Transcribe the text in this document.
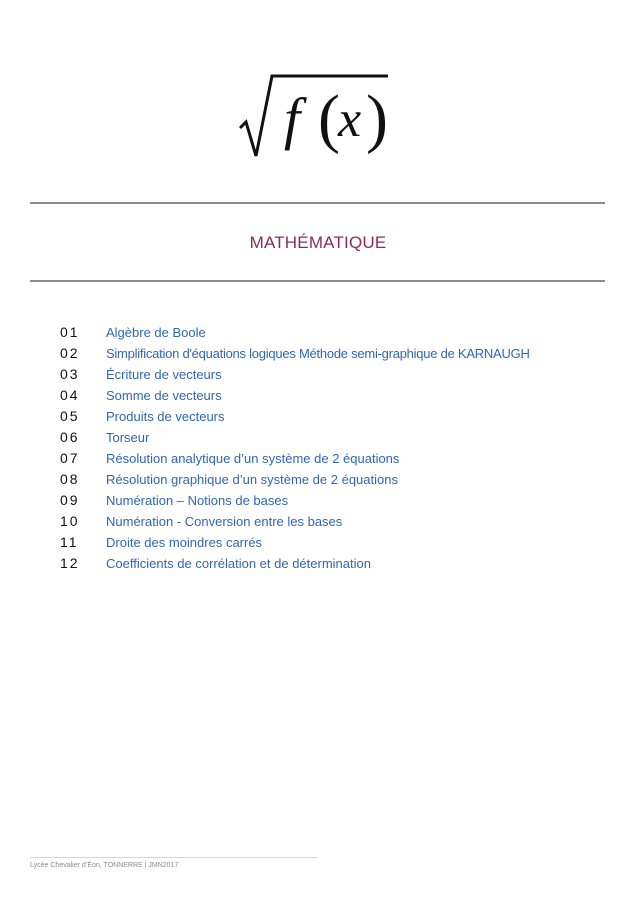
f (
x )
MATHÉMATIQUE
01 Algèbre de Boole
02 Simplification d'équations logiques Méthode semi-graphique de KARNAUGH
03 Écriture de vecteurs
04 Somme de vecteurs
05 Produits de vecteurs
06 Torseur
07 Résolution analytique d’un système de 2 équations
08 Résolution graphique d’un système de 2 équations
09 Numération – Notions de bases
10 Numération - Conversion entre les bases
11 Droite des moindres carrés
12 Coefficients de corrélation et de détermination
Lycée Chevalier d’Éon, TONNERRE | JMN2017
